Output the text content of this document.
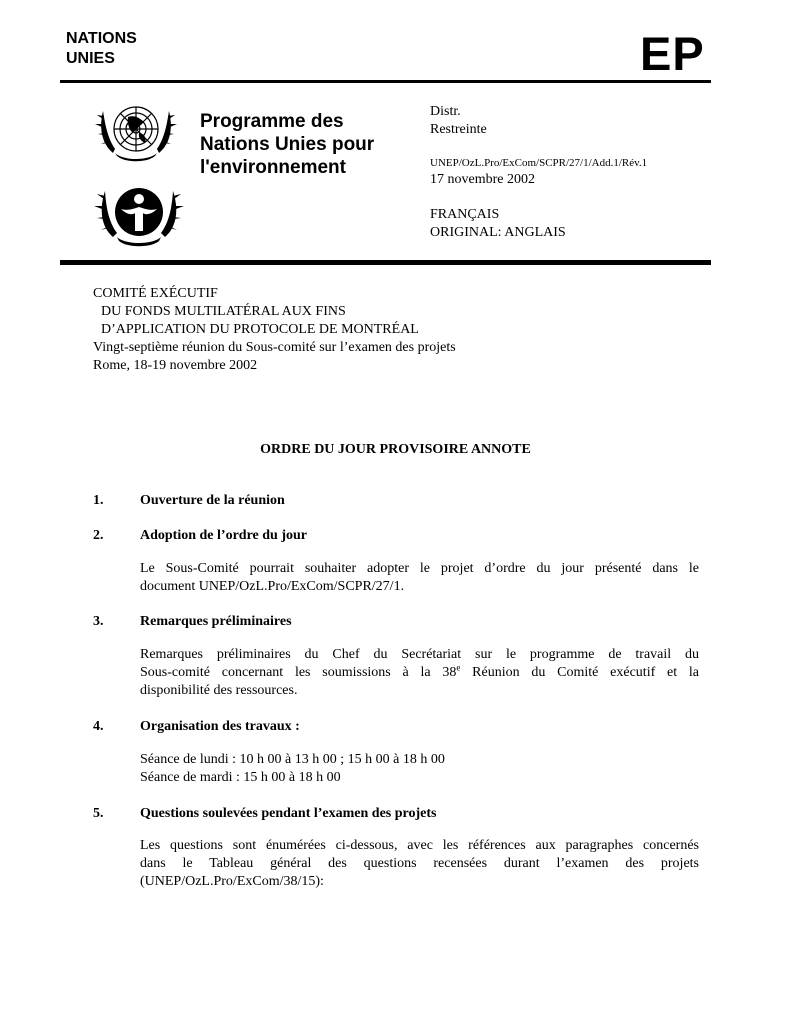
NATIONS
UNIES	EP
Programme des
Nations Unies pour
l'environnement
Distr.
Restreinte
UNEP/OzL.Pro/ExCom/SCPR/27/1/Add.1/Rév.1
17 novembre 2002
FRANÇAIS
ORIGINAL: ANGLAIS
COMITÉ EXÉCUTIF
DU FONDS MULTILATÉRAL AUX FINS
D’APPLICATION DU PROTOCOLE DE MONTRÉAL
Vingt-septième réunion du Sous-comité sur l’examen des projets
Rome, 18-19 novembre 2002
ORDRE DU JOUR PROVISOIRE ANNOTE
1.	Ouverture de la réunion
2.	Adoption de l’ordre du jour
Le Sous-Comité pourrait souhaiter adopter le projet d’ordre du jour présenté dans le
document UNEP/OzL.Pro/ExCom/SCPR/27/1.
3.	Remarques préliminaires
Remarques préliminaires du Chef du Secrétariat sur le programme de travail du
Sous-comité concernant les soumissions à la 38e Réunion du Comité exécutif et la
disponibilité des ressources.
4.	Organisation des travaux :
Séance de lundi : 10 h 00 à 13 h 00 ; 15 h 00 à 18 h 00
Séance de mardi : 15 h 00 à 18 h 00
5.	Questions soulevées pendant l’examen des projets
Les questions sont énumérées ci-dessous, avec les références aux paragraphes concernés
dans le Tableau général des questions recensées durant l’examen des projets
(UNEP/OzL.Pro/ExCom/38/15):
